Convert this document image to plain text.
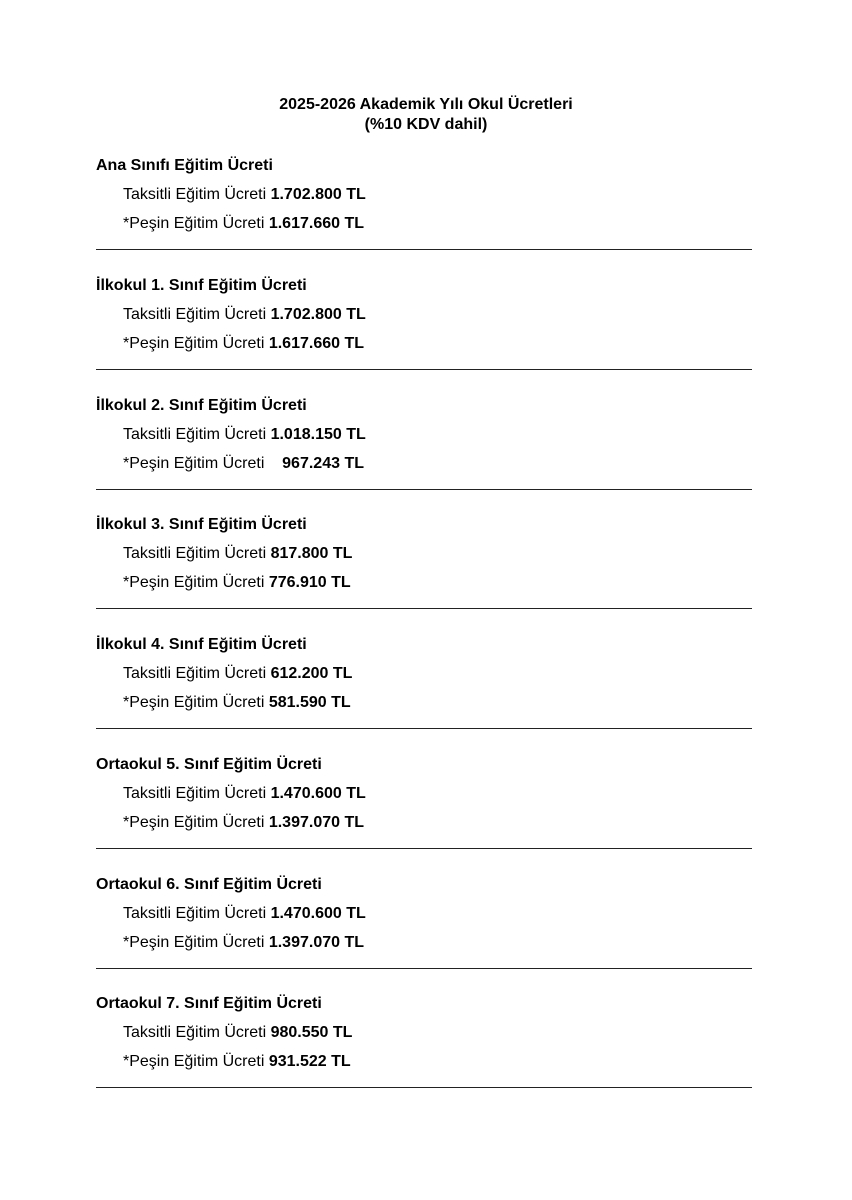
2025-2026 Akademik Yılı Okul Ücretleri
(%10 KDV dahil)
Ana Sınıfı Eğitim Ücreti
Taksitli Eğitim Ücreti 1.702.800 TL
*Peşin Eğitim Ücreti 1.617.660 TL
İlkokul 1. Sınıf Eğitim Ücreti
Taksitli Eğitim Ücreti 1.702.800 TL
*Peşin Eğitim Ücreti 1.617.660 TL
İlkokul 2. Sınıf Eğitim Ücreti
Taksitli Eğitim Ücreti 1.018.150 TL
*Peşin Eğitim Ücreti    967.243 TL
İlkokul 3. Sınıf Eğitim Ücreti
Taksitli Eğitim Ücreti 817.800 TL
*Peşin Eğitim Ücreti 776.910 TL
İlkokul 4. Sınıf Eğitim Ücreti
Taksitli Eğitim Ücreti 612.200 TL
*Peşin Eğitim Ücreti 581.590 TL
Ortaokul 5. Sınıf Eğitim Ücreti
Taksitli Eğitim Ücreti 1.470.600 TL
*Peşin Eğitim Ücreti 1.397.070 TL
Ortaokul 6. Sınıf Eğitim Ücreti
Taksitli Eğitim Ücreti 1.470.600 TL
*Peşin Eğitim Ücreti 1.397.070 TL
Ortaokul 7. Sınıf Eğitim Ücreti
Taksitli Eğitim Ücreti 980.550 TL
*Peşin Eğitim Ücreti 931.522 TL
